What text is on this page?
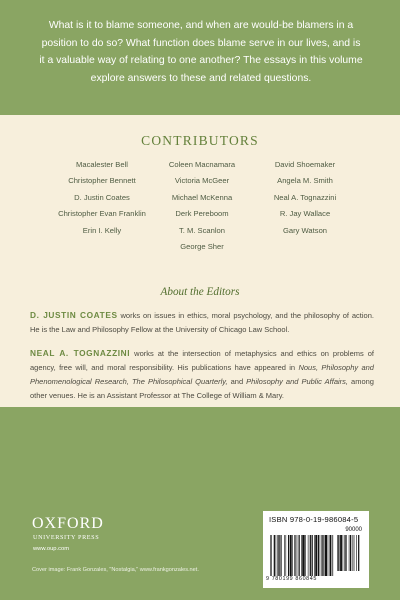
What is it to blame someone, and when are would-be blamers in a position to do so? What function does blame serve in our lives, and is it a valuable way of relating to one another? The essays in this volume explore answers to these and related questions.

CONTRIBUTORS
Macalester Bell
Christopher Bennett
D. Justin Coates
Christopher Evan Franklin
Erin I. Kelly
Coleen Macnamara
Victoria McGeer
Michael McKenna
Derk Pereboom
T. M. Scanlon
George Sher
David Shoemaker
Angela M. Smith
Neal A. Tognazzini
R. Jay Wallace
Gary Watson
About the Editors

D. JUSTIN COATES works on issues in ethics, moral psychology, and the philosophy of action. He is the Law and Philosophy Fellow at the University of Chicago Law School.

NEAL A. TOGNAZZINI works at the intersection of metaphysics and ethics on problems of agency, free will, and moral responsibility. His publications have appeared in Nous, Philosophy and Phenomenological Research, The Philosophical Quarterly, and Philosophy and Public Affairs, among other venues. He is an Assistant Professor at The College of William & Mary.

OXFORD
UNIVERSITY PRESS
www.oup.com
Cover image: Frank Gonzales, "Nostalgia," www.frankgonzales.net.
ISBN 978-0-19-986084-5
90000
9 780199 860845
